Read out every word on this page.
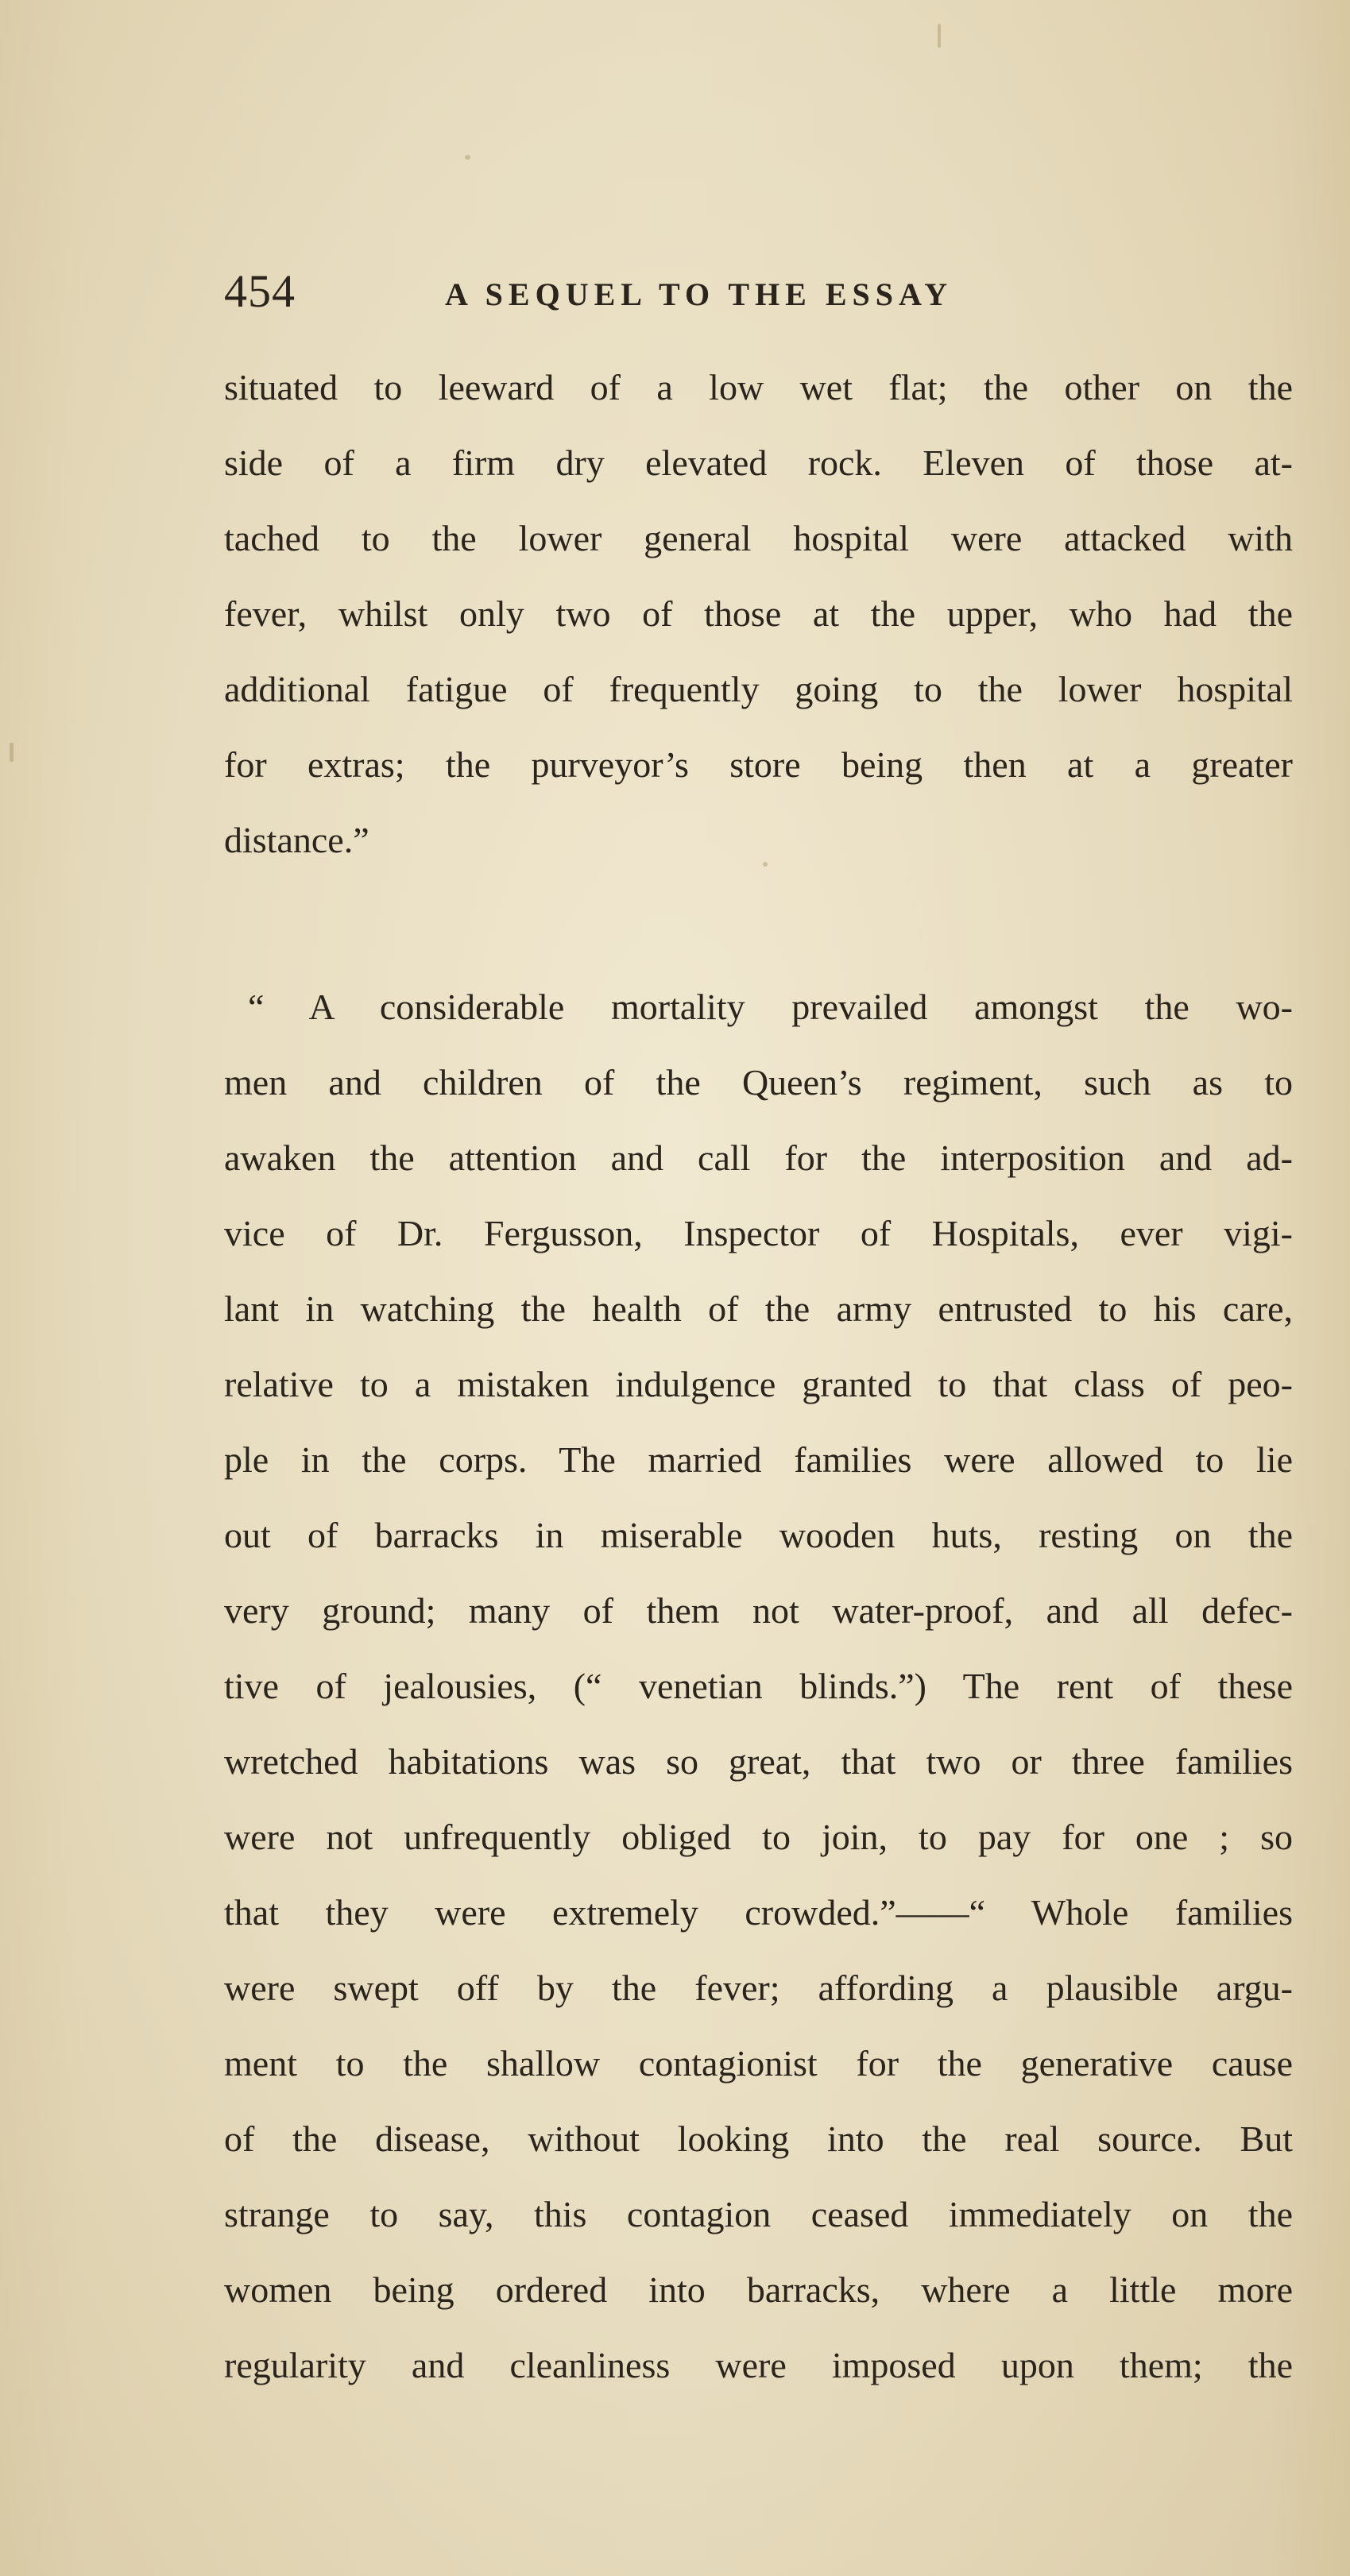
454	A SEQUEL TO THE ESSAY
situated to leeward of a low wet flat; the other on the
side of a firm dry elevated rock. Eleven of those at-
tached to the lower general hospital were attacked with
fever, whilst only two of those at the upper, who had the
additional fatigue of frequently going to the lower hospital
for extras; the purveyor’s store being then at a greater
distance.”
“ A considerable mortality prevailed amongst the wo-
men and children of the Queen’s regiment, such as to
awaken the attention and call for the interposition and ad-
vice of Dr. Fergusson, Inspector of Hospitals, ever vigi-
lant in watching the health of the army entrusted to his care,
relative to a mistaken indulgence granted to that class of peo-
ple in the corps. The married families were allowed to lie
out of barracks in miserable wooden huts, resting on the
very ground; many of them not water-proof, and all defec-
tive of jealousies, (“ venetian blinds.”) The rent of these
wretched habitations was so great, that two or three families
were not unfrequently obliged to join, to pay for one ; so
that they were extremely crowded.”——“ Whole families
were swept off by the fever; affording a plausible argu-
ment to the shallow contagionist for the generative cause
of the disease, without looking into the real source. But
strange to say, this contagion ceased immediately on the
women being ordered into barracks, where a little more
regularity and cleanliness were imposed upon them; the
